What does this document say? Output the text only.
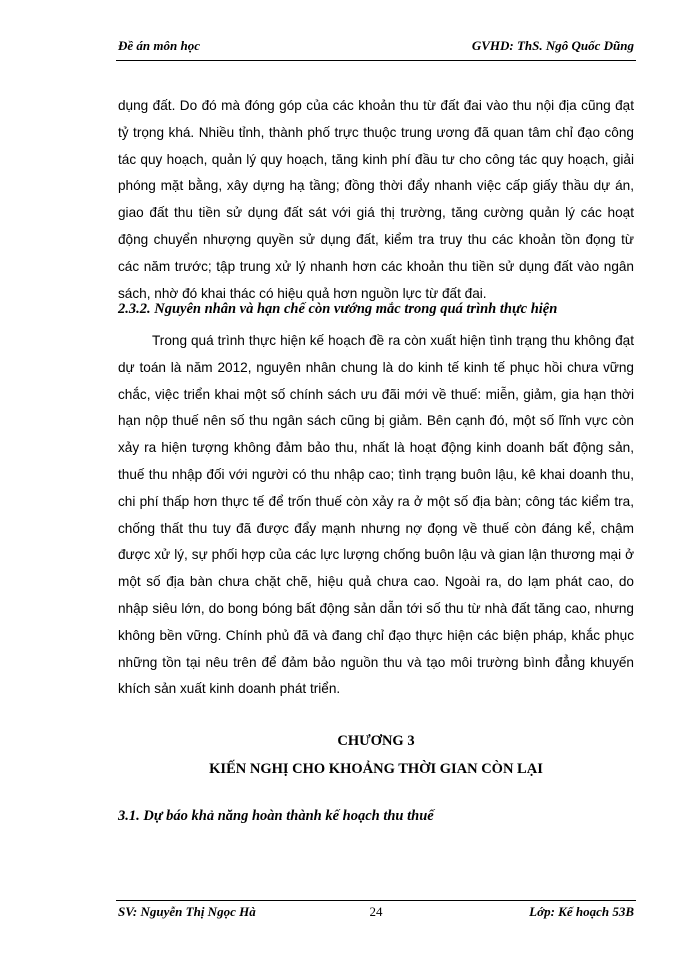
Đề án môn học	GVHD: ThS. Ngô Quốc Dũng
dụng đất. Do đó mà đóng góp của các khoản thu từ đất đai vào thu nội địa cũng đạt tỷ trọng khá. Nhiều tỉnh, thành phố trực thuộc trung ương đã quan tâm chỉ đạo công tác quy hoạch, quản lý quy hoạch, tăng kinh phí đầu tư cho công tác quy hoạch, giải phóng mặt bằng, xây dựng hạ tầng; đồng thời đẩy nhanh việc cấp giấy thầu dự án, giao đất thu tiền sử dụng đất sát với giá thị trường, tăng cường quản lý các hoạt động chuyển nhượng quyền sử dụng đất, kiểm tra truy thu các khoản tồn đọng từ các năm trước; tập trung xử lý nhanh hơn các khoản thu tiền sử dụng đất vào ngân sách, nhờ đó khai thác có hiệu quả hơn nguồn lực từ đất đai.
2.3.2. Nguyên nhân và hạn chế còn vướng mắc trong quá trình thực hiện
Trong quá trình thực hiện kế hoạch đề ra còn xuất hiện tình trạng thu không đạt dự toán là năm 2012, nguyên nhân chung là do kinh tế kinh tế phục hồi chưa vững chắc, việc triển khai một số chính sách ưu đãi mới về thuế: miễn, giảm, gia hạn thời hạn nộp thuế nên số thu ngân sách cũng bị giảm. Bên cạnh đó, một số lĩnh vực còn xảy ra hiện tượng không đảm bảo thu, nhất là hoạt động kinh doanh bất động sản, thuế thu nhập đối với người có thu nhập cao; tình trạng buôn lậu, kê khai doanh thu, chi phí thấp hơn thực tế để trốn thuế còn xảy ra ở một số địa bàn; công tác kiểm tra, chống thất thu tuy đã được đẩy mạnh nhưng nợ đọng về thuế còn đáng kể, chậm được xử lý, sự phối hợp của các lực lượng chống buôn lậu và gian lận thương mại ở một số địa bàn chưa chặt chẽ, hiệu quả chưa cao. Ngoài ra, do lạm phát cao, do nhập siêu lớn, do bong bóng bất động sản dẫn tới số thu từ nhà đất tăng cao, nhưng không bền vững. Chính phủ đã và đang chỉ đạo thực hiện các biện pháp, khắc phục những tồn tại nêu trên để đảm bảo nguồn thu và tạo môi trường bình đẳng khuyến khích sản xuất kinh doanh phát triển.
CHƯƠNG 3
KIẾN NGHỊ CHO KHOẢNG THỜI GIAN CÒN LẠI
3.1. Dự báo khả năng hoàn thành kế hoạch thu thuế
SV: Nguyễn Thị Ngọc Hà	24	Lớp: Kế hoạch 53B
